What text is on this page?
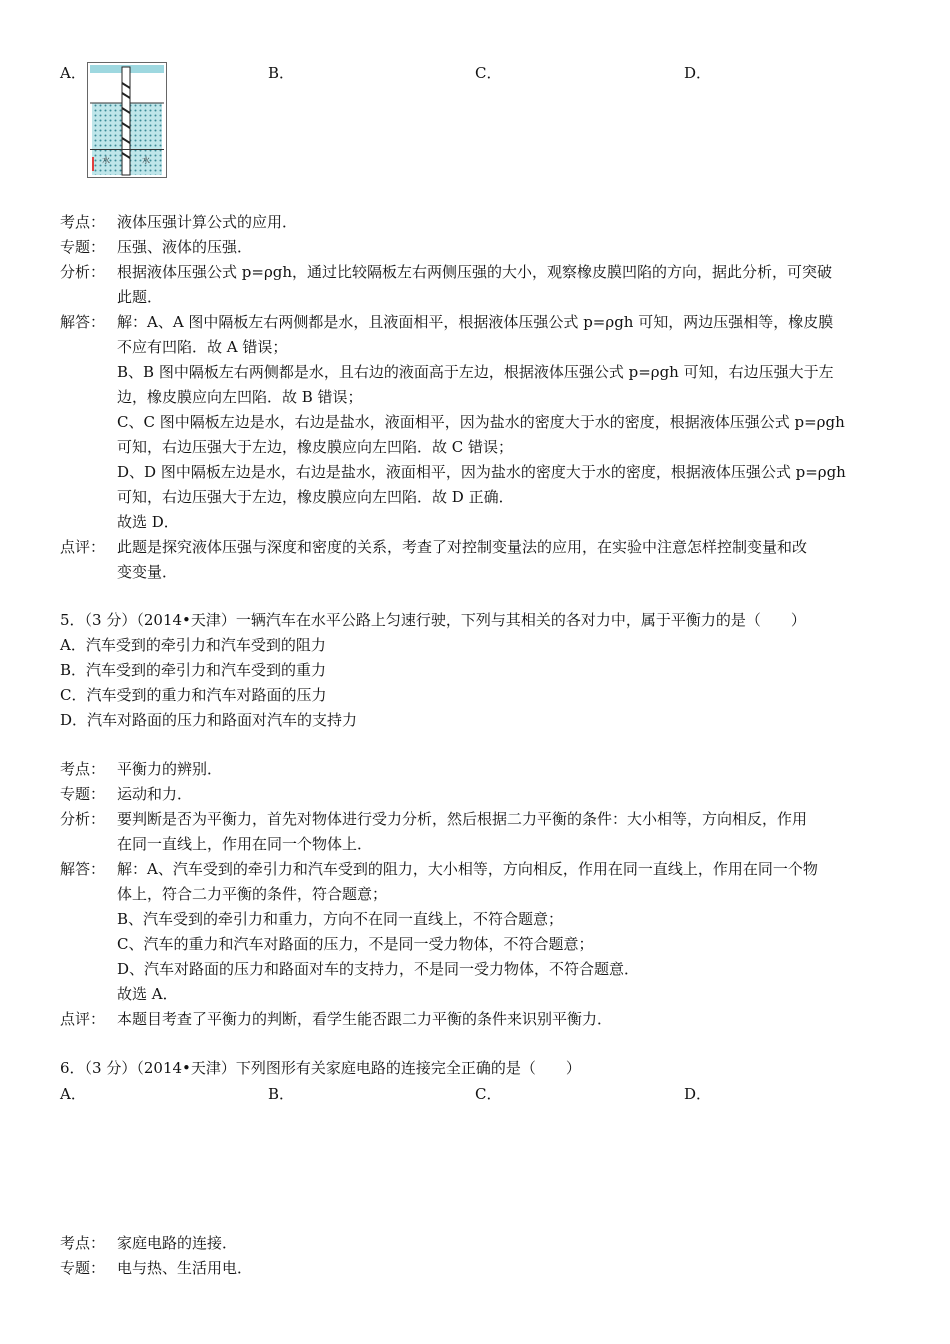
A．
水	水
B．	C．	D．
考点： 液体压强计算公式的应用．
专题： 压强、液体的压强．
分析： 根据液体压强公式 p=ρgh，通过比较隔板左右两侧压强的大小，观察橡皮膜凹陷的方向，据此分析，可突破
此题．
解答： 解：A、A 图中隔板左右两侧都是水，且液面相平，根据液体压强公式 p=ρgh 可知，两边压强相等，橡皮膜
不应有凹陷．故 A 错误；
B、B 图中隔板左右两侧都是水，且右边的液面高于左边，根据液体压强公式 p=ρgh 可知，右边压强大于左
边，橡皮膜应向左凹陷．故 B 错误；
C、C 图中隔板左边是水，右边是盐水，液面相平，因为盐水的密度大于水的密度，根据液体压强公式 p=ρgh
可知，右边压强大于左边，橡皮膜应向左凹陷．故 C 错误；
D、D 图中隔板左边是水，右边是盐水，液面相平，因为盐水的密度大于水的密度，根据液体压强公式 p=ρgh
可知，右边压强大于左边，橡皮膜应向左凹陷．故 D 正确．
故选 D．
点评： 此题是探究液体压强与深度和密度的关系，考查了对控制变量法的应用，在实验中注意怎样控制变量和改
变变量．
5．（3 分）（2014•天津）一辆汽车在水平公路上匀速行驶，下列与其相关的各对力中，属于平衡力的是（　　）
A．汽车受到的牵引力和汽车受到的阻力
B．汽车受到的牵引力和汽车受到的重力
C．汽车受到的重力和汽车对路面的压力
D．汽车对路面的压力和路面对汽车的支持力
考点： 平衡力的辨别．
专题： 运动和力．
分析： 要判断是否为平衡力，首先对物体进行受力分析，然后根据二力平衡的条件：大小相等，方向相反，作用
在同一直线上，作用在同一个物体上．
解答： 解：A、汽车受到的牵引力和汽车受到的阻力，大小相等，方向相反，作用在同一直线上，作用在同一个物
体上，符合二力平衡的条件，符合题意；
B、汽车受到的牵引力和重力，方向不在同一直线上，不符合题意；
C、汽车的重力和汽车对路面的压力，不是同一受力物体，不符合题意；
D、汽车对路面的压力和路面对车的支持力，不是同一受力物体，不符合题意．
故选 A．
点评： 本题目考查了平衡力的判断，看学生能否跟二力平衡的条件来识别平衡力．
6．（3 分）（2014•天津）下列图形有关家庭电路的连接完全正确的是（　　）
A．	B．	C．	D．
考点： 家庭电路的连接．
专题： 电与热、生活用电．
